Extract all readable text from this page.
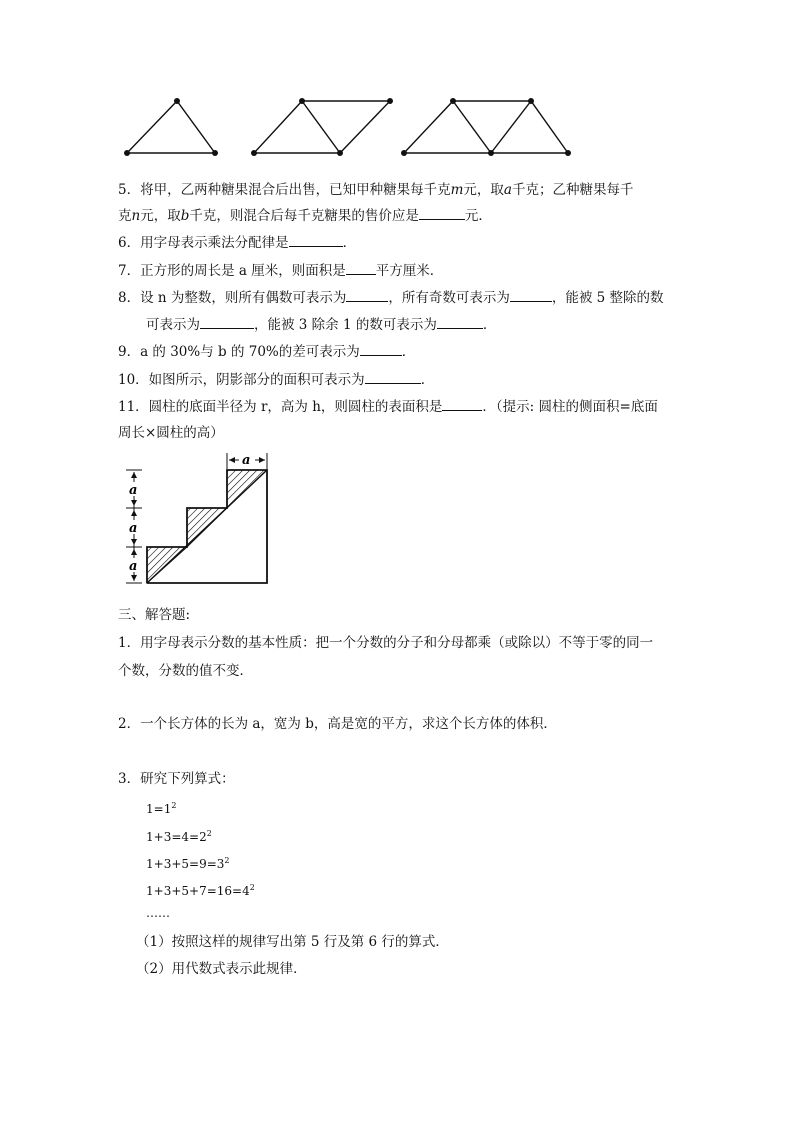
5．将甲，乙两种糖果混合后出售，已知甲种糖果每千克m元，取a千克；乙种糖果每千
克n元，取b千克，则混合后每千克糖果的售价应是	元．
6．用字母表示乘法分配律是	．
7．正方形的周长是 a 厘米，则面积是 平方厘米．
8．设 n 为整数，则所有偶数可表示为	，所有奇数可表示为	，能被 5 整除的数
可表示为	，能被 3 除余 1 的数可表示为	．
9．a 的 30%与 b 的 70%的差可表示为	．
10．如图所示，阴影部分的面积可表示为	．
11．圆柱的底面半径为 r，高为 h，则圆柱的表面积是	．（提示: 圆柱的侧面积=底面
周长×圆柱的高）
a
a
a
a
三、解答题:
1．用字母表示分数的基本性质：把一个分数的分子和分母都乘（或除以）不等于零的同一
个数，分数的值不变．
2．一个长方体的长为 a，宽为 b，高是宽的平方，求这个长方体的体积．
3．研究下列算式：
$1=1^2$
$1+3=4=2^2$
$1+3+5=9=3^2$
$1+3+5+7=16=4^2$
……
（1）按照这样的规律写出第 5 行及第 6 行的算式．
（2）用代数式表示此规律．
